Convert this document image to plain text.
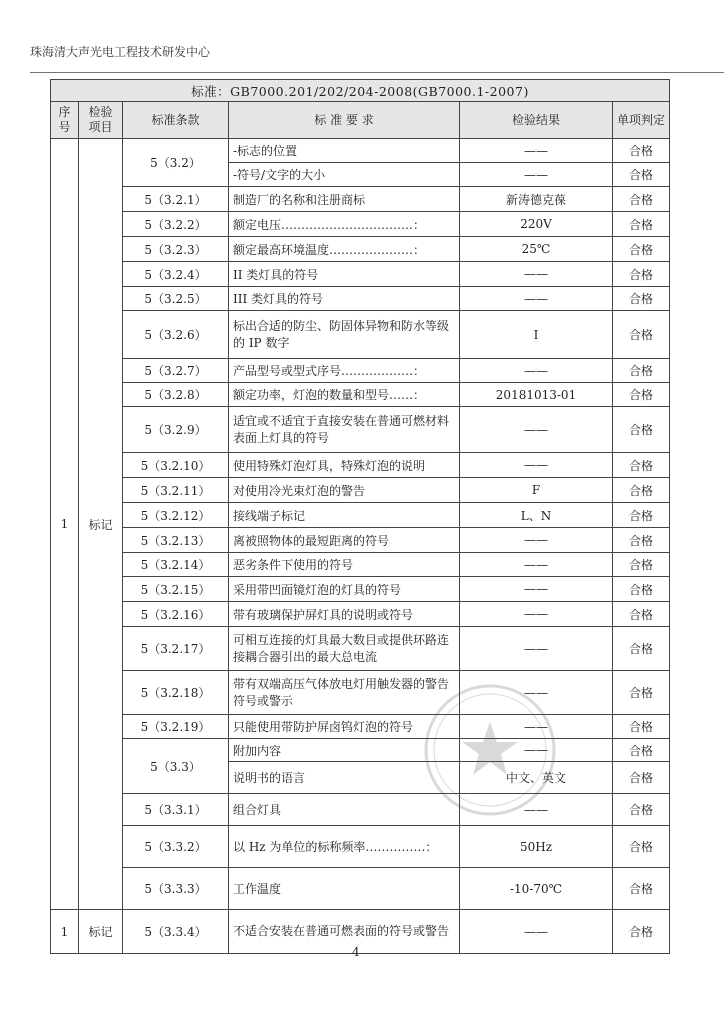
珠海清大声光电工程技术研发中心
标准：GB7000.201/202/204-2008(GB7000.1-2007)					
序号	检验项目	标准条款	标 准 要 求	检验结果	单项判定
1	标记	5（3.2）	-标志的位置	——	合格
			-符号/文字的大小	——	合格
		5（3.2.1）	制造厂的名称和注册商标	新涛德克葆	合格
		5（3.2.2）	额定电压……………………………：	220V	合格
		5（3.2.3）	额定最高环境温度…………………：	25℃	合格
		5（3.2.4）	II 类灯具的符号	——	合格
		5（3.2.5）	III 类灯具的符号	——	合格
		5（3.2.6）	标出合适的防尘、防固体异物和防水等级的 IP 数字	I	合格
		5（3.2.7）	产品型号或型式序号………………：	——	合格
		5（3.2.8）	额定功率，灯泡的数量和型号……：	20181013-01	合格
		5（3.2.9）	适宜或不适宜于直接安装在普通可燃材料表面上灯具的符号	——	合格
		5（3.2.10）	使用特殊灯泡灯具，特殊灯泡的说明	——	合格
		5（3.2.11）	对使用冷光束灯泡的警告	F	合格
		5（3.2.12）	接线端子标记	L、N	合格
		5（3.2.13）	离被照物体的最短距离的符号	——	合格
		5（3.2.14）	恶劣条件下使用的符号	——	合格
		5（3.2.15）	采用带凹面镜灯泡的灯具的符号	——	合格
		5（3.2.16）	带有玻璃保护屏灯具的说明或符号	——	合格
		5（3.2.17）	可相互连接的灯具最大数目或提供环路连接耦合器引出的最大总电流	——	合格
		5（3.2.18）	带有双端高压气体放电灯用触发器的警告符号或警示	——	合格
		5（3.2.19）	只能使用带防护屏卤钨灯泡的符号	——	合格
		5（3.3）	附加内容	——	合格
			说明书的语言	中文、英文	合格
		5（3.3.1）	组合灯具	——	合格
		5（3.3.2）	以 Hz 为单位的标称频率……………：	50Hz	合格
		5（3.3.3）	工作温度	-10-70℃	合格
1	标记	5（3.3.4）	不适合安装在普通可燃表面的符号或警告	——	合格
4
